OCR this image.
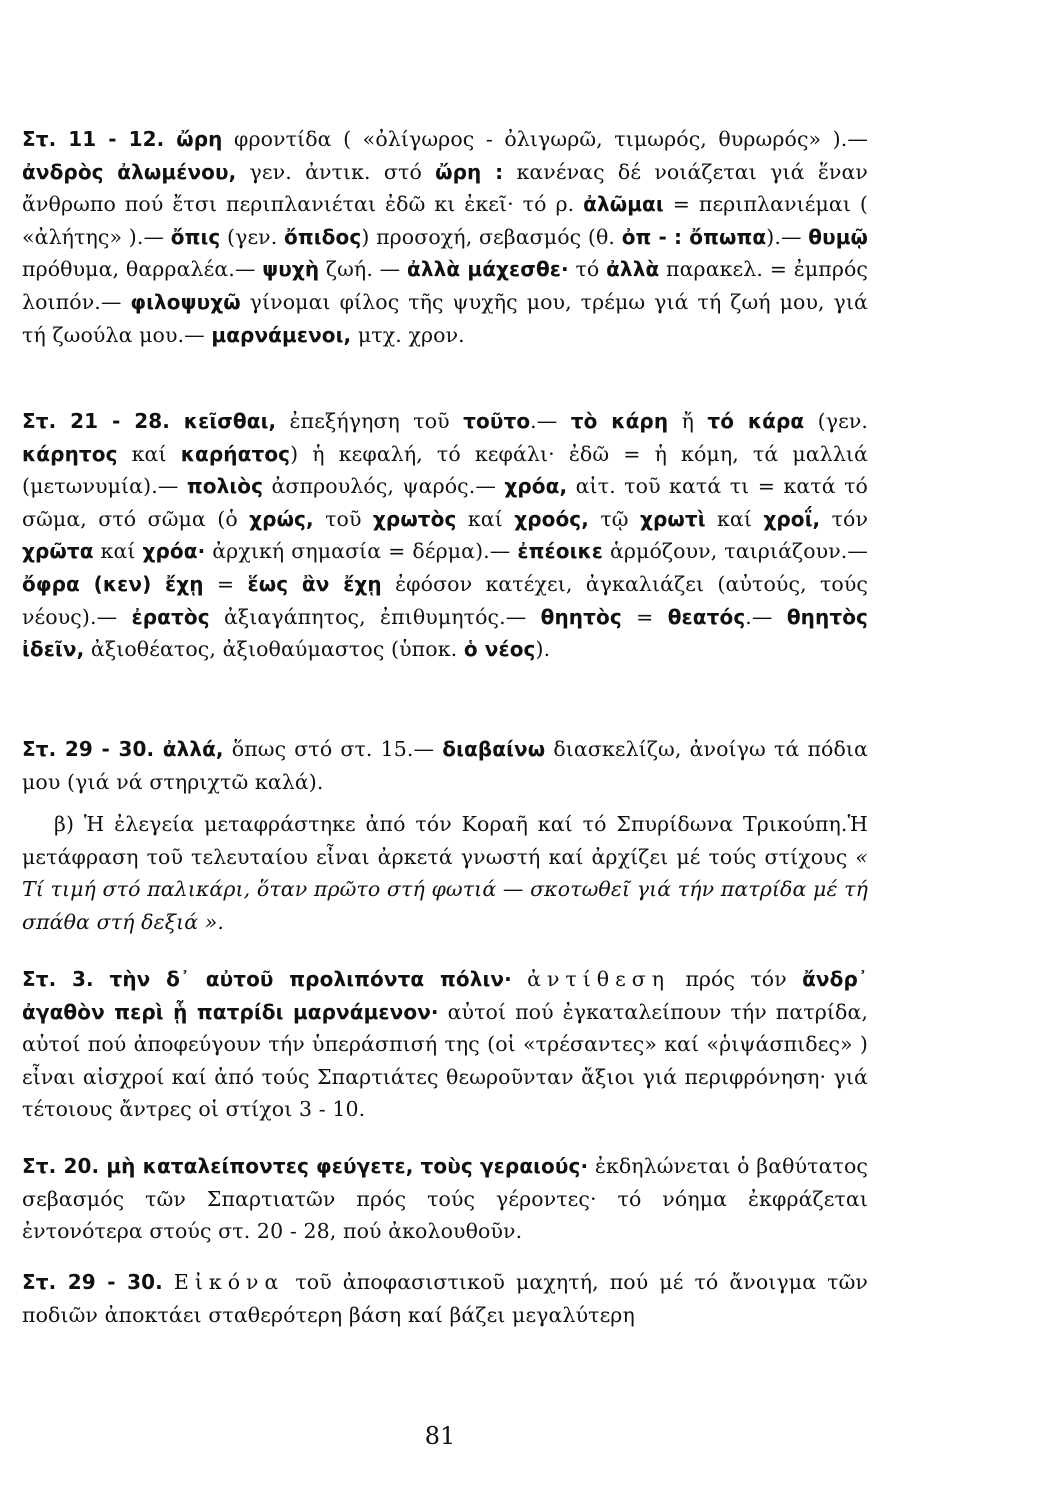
Στ. 11 - 12. ὤρη φροντίδα ( «ὀλίγωρος - ὀλιγωρῶ, τιμωρός, θυρωρός» ).— ἀνδρὸς ἀλωμένου, γεν. ἀντικ. στό ὤρη : κανένας δέ νοιάζεται γιά ἕναν ἄνθρωπο πού ἔτσι περιπλανιέται ἐδῶ κι ἐκεῖ· τό ρ. ἀλῶμαι = περιπλανιέμαι ( «ἀλήτης» ).— ὄπις (γεν. ὄπιδος) προσοχή, σεβασμός (θ. ὀπ - : ὄπωπα).— θυμῷ πρόθυμα, θαρραλέα.— ψυχὴ ζωή. — ἀλλὰ μάχεσθε· τό ἀλλὰ παρακελ. = ἐμπρός λοιπόν.— φιλοψυχῶ γίνομαι φίλος τῆς ψυχῆς μου, τρέμω γιά τή ζωή μου, γιά τή ζωούλα μου.— μαρνάμενοι, μτχ. χρον.

Στ. 21 - 28. κεῖσθαι, ἐπεξήγηση τοῦ τοῦτο.— τὸ κάρη ἤ τό κάρα (γεν. κάρητος καί καρήατος) ἡ κεφαλή, τό κεφάλι· ἐδῶ = ἡ κόμη, τά μαλλιά (μετωνυμία).— πολιὸς ἀσπρουλός, ψαρός.— χρόα, αἰτ. τοῦ κατά τι = κατά τό σῶμα, στό σῶμα (ὁ χρώς, τοῦ χρωτὸς καί χροός, τῷ χρωτὶ καί χροΐ, τόν χρῶτα καί χρόα· ἀρχική σημασία = δέρμα).— ἐπέοικε ἁρμόζουν, ταιριάζουν.— ὄφρα (κεν) ἔχῃ = ἕως ἂν ἔχῃ ἐφόσον κατέχει, ἀγκαλιάζει (αὐτούς, τούς νέους).— ἐρατὸς ἀξιαγάπητος, ἐπιθυμητός.— θηητὸς = θεατός.— θηητὸς ἰδεῖν, ἀξιοθέατος, ἀξιοθαύμαστος (ὑποκ. ὁ νέος).

Στ. 29 - 30. ἀλλά, ὅπως στό στ. 15.— διαβαίνω διασκελίζω, ἀνοίγω τά πόδια μου (γιά νά στηριχτῶ καλά).

β) Ἡ ἐλεγεία μεταφράστηκε ἀπό τόν Κοραῆ καί τό Σπυρίδωνα Τρικούπη.Ἡ μετάφραση τοῦ τελευταίου εἶναι ἀρκετά γνωστή καί ἀρχίζει μέ τούς στίχους « Τί τιμή στό παλικάρι, ὅταν πρῶτο στή φωτιά — σκοτωθεῖ γιά τήν πατρίδα μέ τή σπάθα στή δεξιά ».

Στ. 3. τὴν δ᾽ αὐτοῦ προλιπόντα πόλιν· ἀντίθεση πρός τόν ἄνδρ᾽ ἀγαθὸν περὶ ᾗ πατρίδι μαρνάμενον· αὐτοί πού ἐγκαταλείπουν τήν πατρίδα, αὐτοί πού ἀποφεύγουν τήν ὑπεράσπισή της (οἱ «τρέσαντες» καί «ῥιψάσπιδες» ) εἶναι αἰσχροί καί ἀπό τούς Σπαρτιάτες θεωροῦνταν ἄξιοι γιά περιφρόνηση· γιά τέτοιους ἄντρες οἱ στίχοι 3 - 10.

Στ. 20. μὴ καταλείποντες φεύγετε, τοὺς γεραιούς· ἐκδηλώνεται ὁ βαθύτατος σεβασμός τῶν Σπαρτιατῶν πρός τούς γέροντες· τό νόημα ἐκφράζεται ἐντονότερα στούς στ. 20 - 28, πού ἀκολουθοῦν.

Στ. 29 - 30. Εἰκόνα τοῦ ἀποφασιστικοῦ μαχητή, πού μέ τό ἄνοιγμα τῶν ποδιῶν ἀποκτάει σταθερότερη βάση καί βάζει μεγαλύτερη

81
